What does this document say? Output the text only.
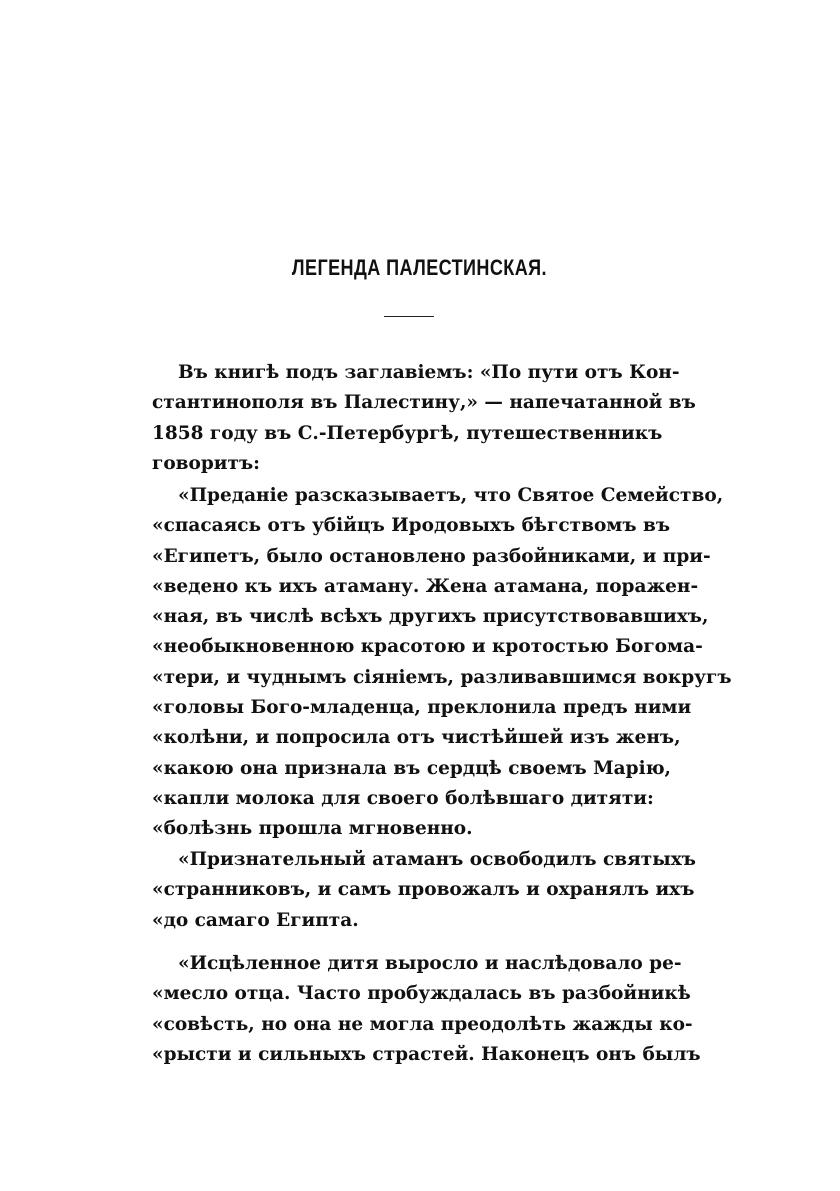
ЛЕГЕНДА ПАЛЕСТИНСКАЯ.
Въ книгѣ подъ заглавіемъ: «По пути отъ Кон-
стантинополя въ Палестину,» — напечатанной въ
1858 году въ С.-Петербургѣ, путешественникъ
говоритъ:
«Преданіе разсказываетъ, что Святое Семейство,
«спасаясь отъ убійцъ Иродовыхъ бѣгствомъ въ
«Египетъ, было остановлено разбойниками, и при-
«ведено къ ихъ атаману. Жена атамана, поражен-
«ная, въ числѣ всѣхъ другихъ присутствовавшихъ,
«необыкновенною красотою и кротостью Богома-
«тери, и чуднымъ сіяніемъ, разливавшимся вокругъ
«головы Бого-младенца, преклонила предъ ними
«колѣни, и попросила отъ чистѣйшей изъ женъ,
«какою она признала въ сердцѣ своемъ Марію,
«капли молока для своего болѣвшаго дитяти:
«болѣзнь прошла мгновенно.
«Признательный атаманъ освободилъ святыхъ
«странниковъ, и самъ провожалъ и охранялъ ихъ
«до самаго Египта.
«Исцѣленное дитя выросло и наслѣдовало ре-
«месло отца. Часто пробуждалась въ разбойникѣ
«совѣсть, но она не могла преодолѣть жажды ко-
«рысти и сильныхъ страстей. Наконецъ онъ былъ
